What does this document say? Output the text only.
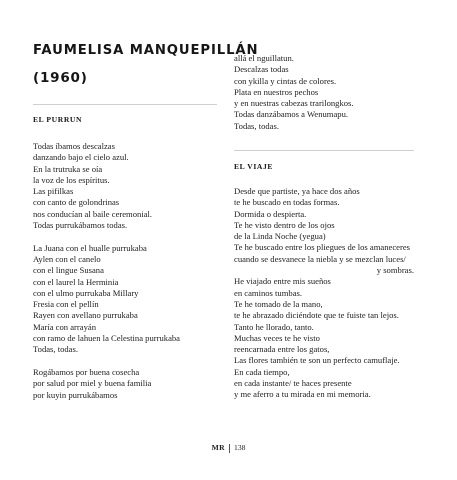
FAUMELISA MANQUEPILLÁN
(1960)
EL PURRUN
Todas íbamos descalzas
danzando bajo el cielo azul.
En la trutruka se oía
la voz de los espíritus.
Las pifilkas
con canto de golondrinas
nos conducían al baile ceremonial.
Todas purrukábamos todas.
La Juana con el hualle purrukaba
Aylen con el canelo
con el lingue Susana
con el laurel la Herminia
con el ulmo purrukaba Millary
Fresia con el pellín
Rayen con avellano purrukaba
María con arrayán
con ramo de lahuen la Celestina purrukaba
Todas, todas.
Rogábamos por buena cosecha
por salud por miel y buena familia
por kuyin purrukábamos
allá el nguillatun.
Descalzas todas
con ykilla y cintas de colores.
Plata en nuestros pechos
y en nuestras cabezas trarilongkos.
Todas danzábamos a Wenumapu.
Todas, todas.
EL VIAJE
Desde que partiste, ya hace dos años
te he buscado en todas formas.
Dormida o despierta.
Te he visto dentro de los ojos
de la Linda Noche (yegua)
Te he buscado entre los pliegues de los amaneceres
cuando se desvanece la niebla y se mezclan luces/
y sombras.
He viajado entre mis sueños
en caminos tumbas.
Te he tomado de la mano,
te he abrazado diciéndote que te fuiste tan lejos.
Tanto he llorado, tanto.
Muchas veces te he visto
reencarnada entre los gatos,
Las flores también te son un perfecto camuflaje.
En cada tiempo,
en cada instante/ te haces presente
y me aferro a tu mirada en mi memoria.
MR 138
